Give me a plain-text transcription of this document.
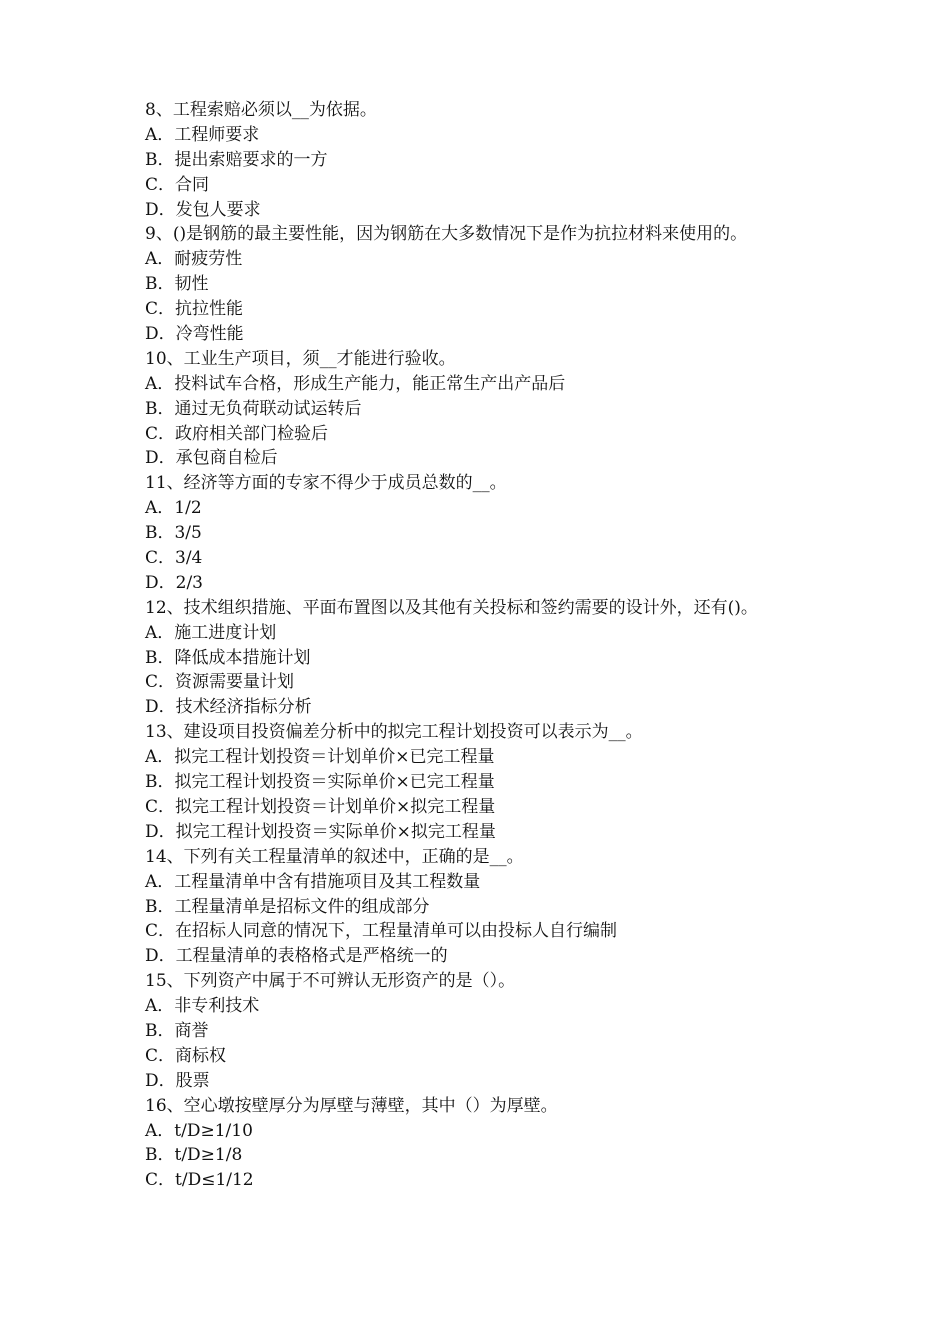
8、工程索赔必须以__为依据。
A．工程师要求
B．提出索赔要求的一方
C．合同
D．发包人要求
9、()是钢筋的最主要性能，因为钢筋在大多数情况下是作为抗拉材料来使用的。
A．耐疲劳性
B．韧性
C．抗拉性能
D．冷弯性能
10、工业生产项目，须__才能进行验收。
A．投料试车合格，形成生产能力，能正常生产出产品后
B．通过无负荷联动试运转后
C．政府相关部门检验后
D．承包商自检后
11、经济等方面的专家不得少于成员总数的__。
A．1/2
B．3/5
C．3/4
D．2/3
12、技术组织措施、平面布置图以及其他有关投标和签约需要的设计外，还有()。
A．施工进度计划
B．降低成本措施计划
C．资源需要量计划
D．技术经济指标分析
13、建设项目投资偏差分析中的拟完工程计划投资可以表示为__。
A．拟完工程计划投资＝计划单价×已完工程量
B．拟完工程计划投资＝实际单价×已完工程量
C．拟完工程计划投资＝计划单价×拟完工程量
D．拟完工程计划投资＝实际单价×拟完工程量
14、下列有关工程量清单的叙述中，正确的是__。
A．工程量清单中含有措施项目及其工程数量
B．工程量清单是招标文件的组成部分
C．在招标人同意的情况下，工程量清单可以由投标人自行编制
D．工程量清单的表格格式是严格统一的
15、下列资产中属于不可辨认无形资产的是（）。
A．非专利技术
B．商誉
C．商标权
D．股票
16、空心墩按壁厚分为厚壁与薄壁，其中（）为厚壁。
A．t/D≥1/10
B．t/D≥1/8
C．t/D≤1/12
